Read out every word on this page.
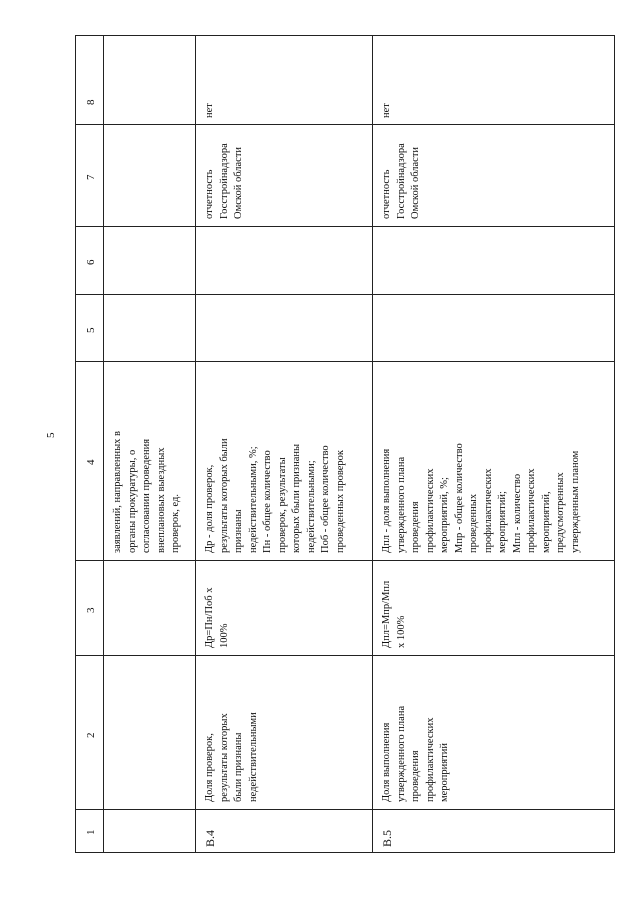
5
8
7
6
5
4
3
2
1
заявлений, направленных в
органы прокуратуры, о
согласовании проведения
внеплановых выездных
проверок, ед.
В.4
Доля проверок,
результаты которых
были признаны
недействительными
Дp=Пн/Поб x
100%
Дp - доля проверок,
результаты которых были
признаны
недействительными, %;
Пн - общее количество
проверок, результаты
которых были признаны
недействительными;
Поб - общее количество
проведенных проверок
отчетность
Госстройнадзора
Омской области
нет
В.5
Доля выполнения
утвержденного плана
проведения
профилактических
мероприятий
Дпл=Мпр/Мпл
x 100%
Дпл - доля выполнения
утвержденного плана
проведения
профилактических
мероприятий, %;
Мпр - общее количество
проведенных
профилактических
мероприятий;
Мпл - количество
профилактических
мероприятий,
предусмотренных
утвержденным планом
отчетность
Госстройнадзора
Омской области
нет
